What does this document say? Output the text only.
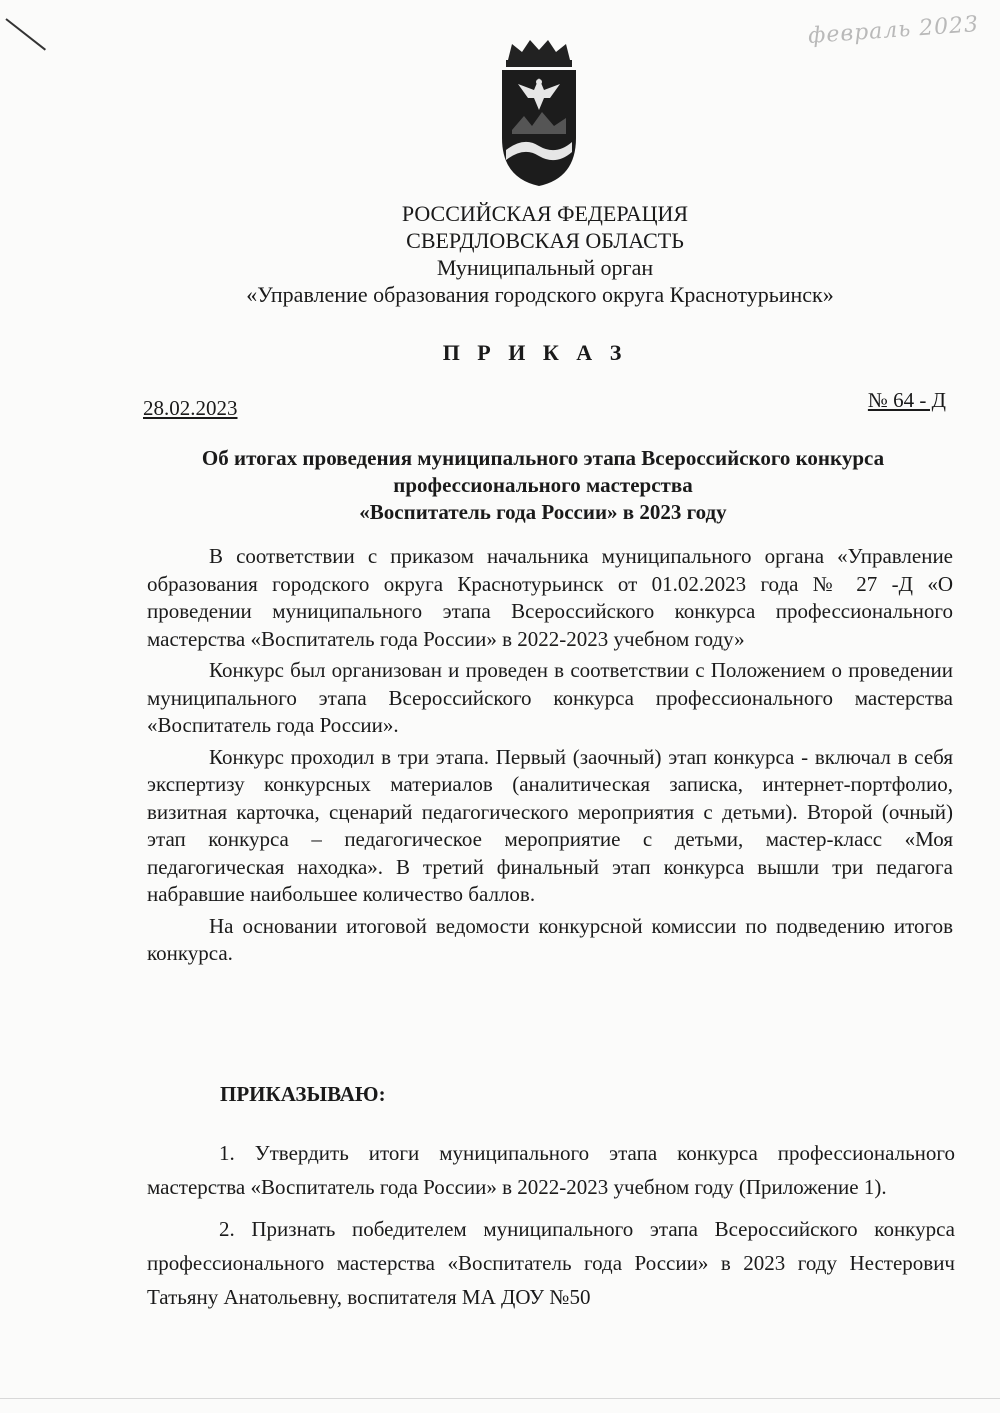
февраль 2023
РОССИЙСКАЯ ФЕДЕРАЦИЯ
СВЕРДЛОВСКАЯ ОБЛАСТЬ
Муниципальный орган
«Управление образования городского округа Краснотурьинск»
П Р И К А З
28.02.2023	№ 64 - Д
Об итогах проведения муниципального этапа Всероссийского конкурса
профессионального мастерства
«Воспитатель года России» в 2023 году

В соответствии с приказом начальника муниципального органа «Управление образования городского округа Краснотурьинск от 01.02.2023 года № 27 -Д «О проведении муниципального этапа Всероссийского конкурса профессионального мастерства «Воспитатель года России» в 2022-2023 учебном году»

Конкурс был организован и проведен в соответствии с Положением о проведении муниципального этапа Всероссийского конкурса профессионального мастерства «Воспитатель года России».

Конкурс проходил в три этапа. Первый (заочный) этап конкурса - включал в себя экспертизу конкурсных материалов (аналитическая записка, интернет-портфолио, визитная карточка, сценарий педагогического мероприятия с детьми). Второй (очный) этап конкурса – педагогическое мероприятие с детьми, мастер-класс «Моя педагогическая находка». В третий финальный этап конкурса вышли три педагога набравшие наибольшее количество баллов.

На основании итоговой ведомости конкурсной комиссии по подведению итогов конкурса.

ПРИКАЗЫВАЮ:

1. Утвердить итоги муниципального этапа конкурса профессионального мастерства «Воспитатель года России» в 2022-2023 учебном году (Приложение 1).

2. Признать победителем муниципального этапа Всероссийского конкурса профессионального мастерства «Воспитатель года России» в 2023 году Нестерович Татьяну Анатольевну, воспитателя МА ДОУ №50
